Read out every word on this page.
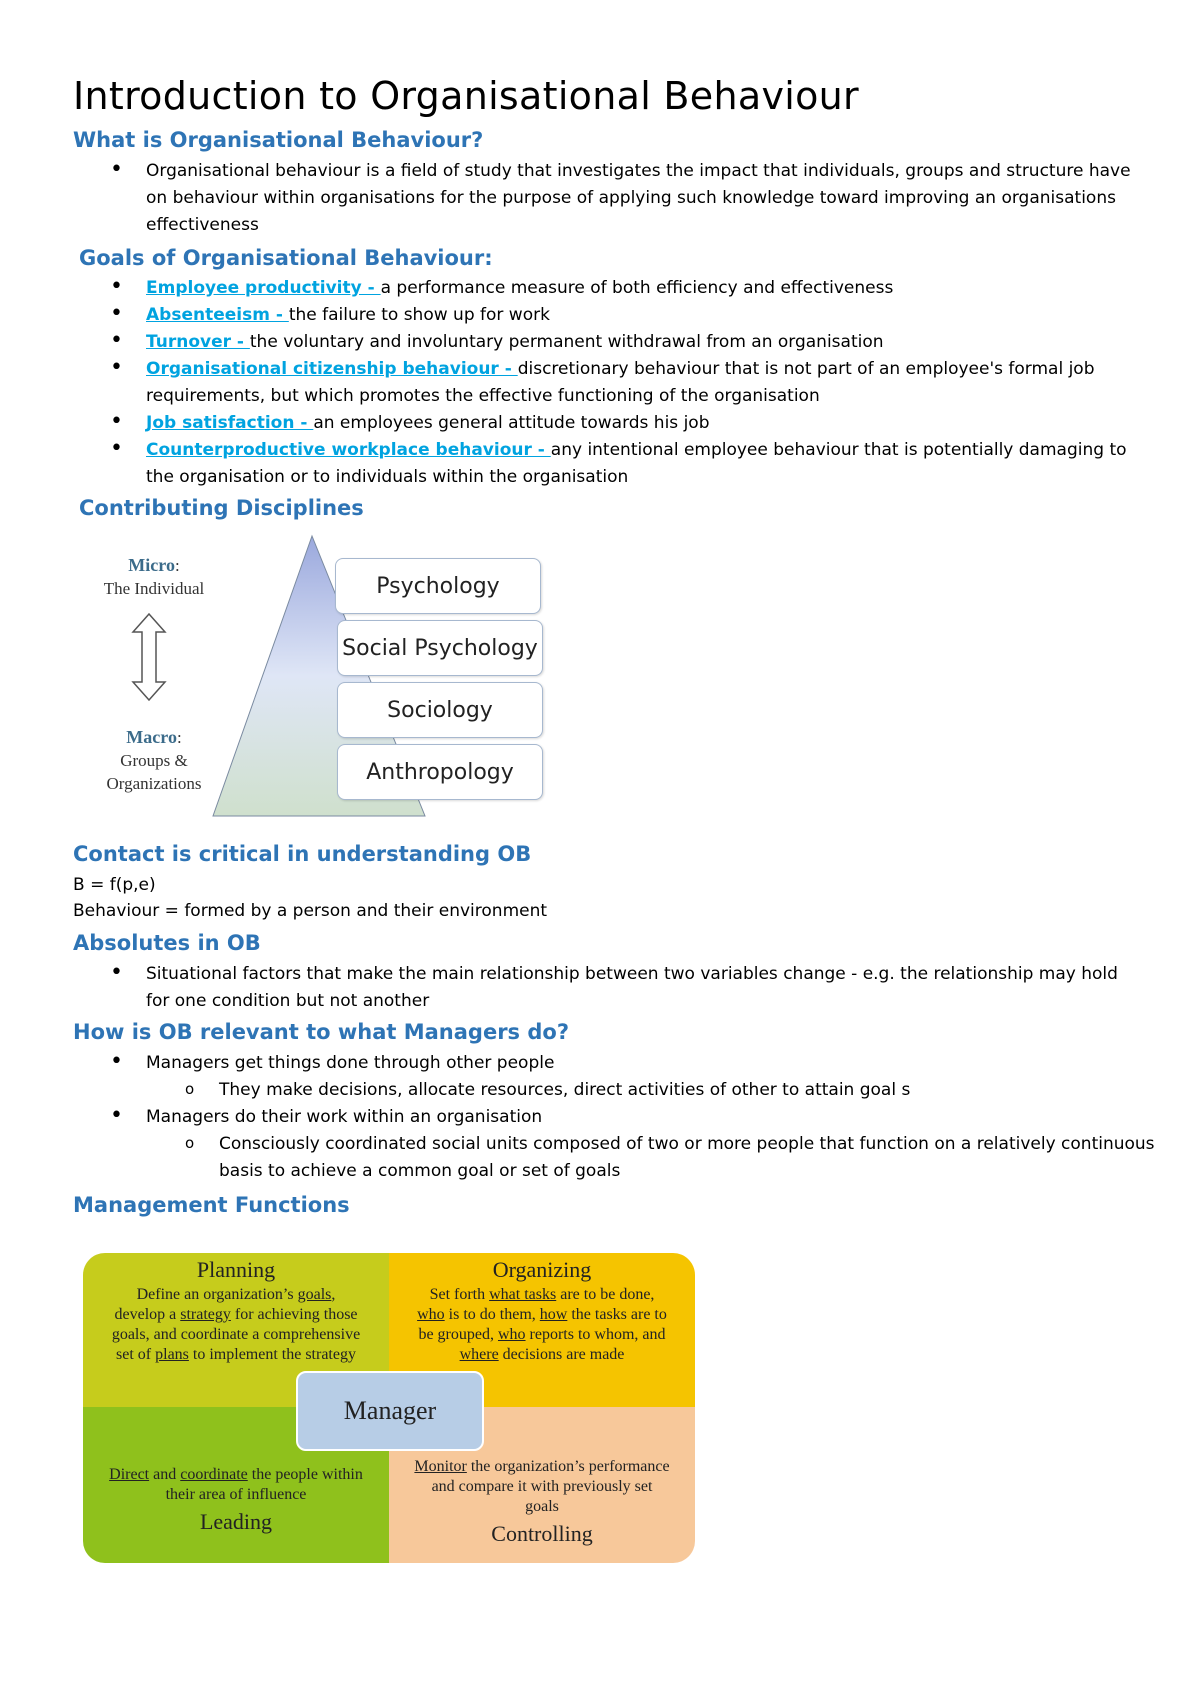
Introduction to Organisational Behaviour
What is Organisational Behaviour?
• Organisational behaviour is a field of study that investigates the impact that individuals, groups and structure have on behaviour within organisations for the purpose of applying such knowledge toward improving an organisations effectiveness
Goals of Organisational Behaviour:
• Employee productivity - a performance measure of both efficiency and effectiveness
• Absenteeism - the failure to show up for work
• Turnover - the voluntary and involuntary permanent withdrawal from an organisation
• Organisational citizenship behaviour - discretionary behaviour that is not part of an employee's formal job requirements, but which promotes the effective functioning of the organisation
• Job satisfaction - an employees general attitude towards his job
• Counterproductive workplace behaviour - any intentional employee behaviour that is potentially damaging to the organisation or to individuals within the organisation
Contributing Disciplines
Micro:
The Individual
Macro:
Groups &
Organizations
Psychology
Social Psychology
Sociology
Anthropology
Contact is critical in understanding OB
B = f(p,e)
Behaviour = formed by a person and their environment
Absolutes in OB
• Situational factors that make the main relationship between two variables change - e.g. the relationship may hold for one condition but not another
How is OB relevant to what Managers do?
• Managers get things done through other people
o They make decisions, allocate resources, direct activities of other to attain goal s
• Managers do their work within an organisation
o Consciously coordinated social units composed of two or more people that function on a relatively continuous basis to achieve a common goal or set of goals
Management Functions
Planning
Define an organization’s goals,
develop a strategy for achieving those
goals, and coordinate a comprehensive
set of plans to implement the strategy
Organizing
Set forth what tasks are to be done,
who is to do them, how the tasks are to
be grouped, who reports to whom, and
where decisions are made
Direct and coordinate the people within
their area of influence
Leading
Monitor the organization’s performance
and compare it with previously set
goals
Controlling
Manager
